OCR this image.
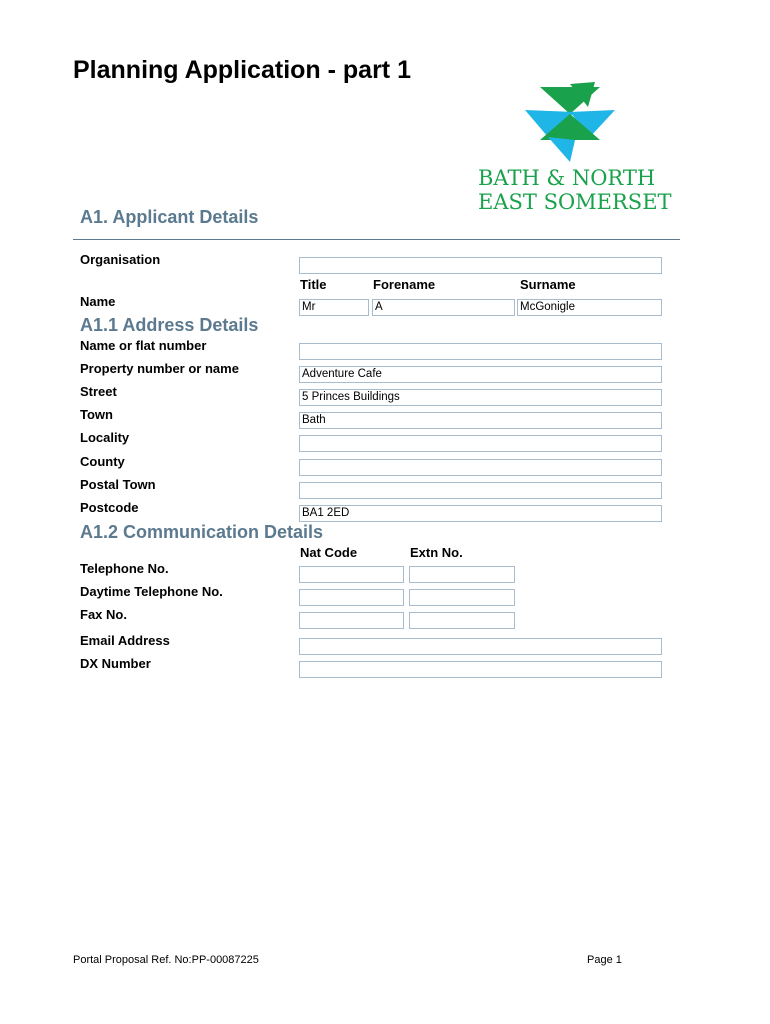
Planning Application - part 1
BATH & NORTH
EAST SOMERSET
A1. Applicant Details
Organisation
Title	Forename	Surname
Name	Mr	A	McGonigle
A1.1 Address Details
Name or flat number
Property number or name	Adventure Cafe
Street	5 Princes Buildings
Town	Bath
Locality
County
Postal Town
Postcode	BA1 2ED
A1.2 Communication Details
Nat Code	Extn No.
Telephone No.
Daytime Telephone No.
Fax No.
Email Address
DX Number
Portal Proposal Ref. No:PP-00087225	Page 1
